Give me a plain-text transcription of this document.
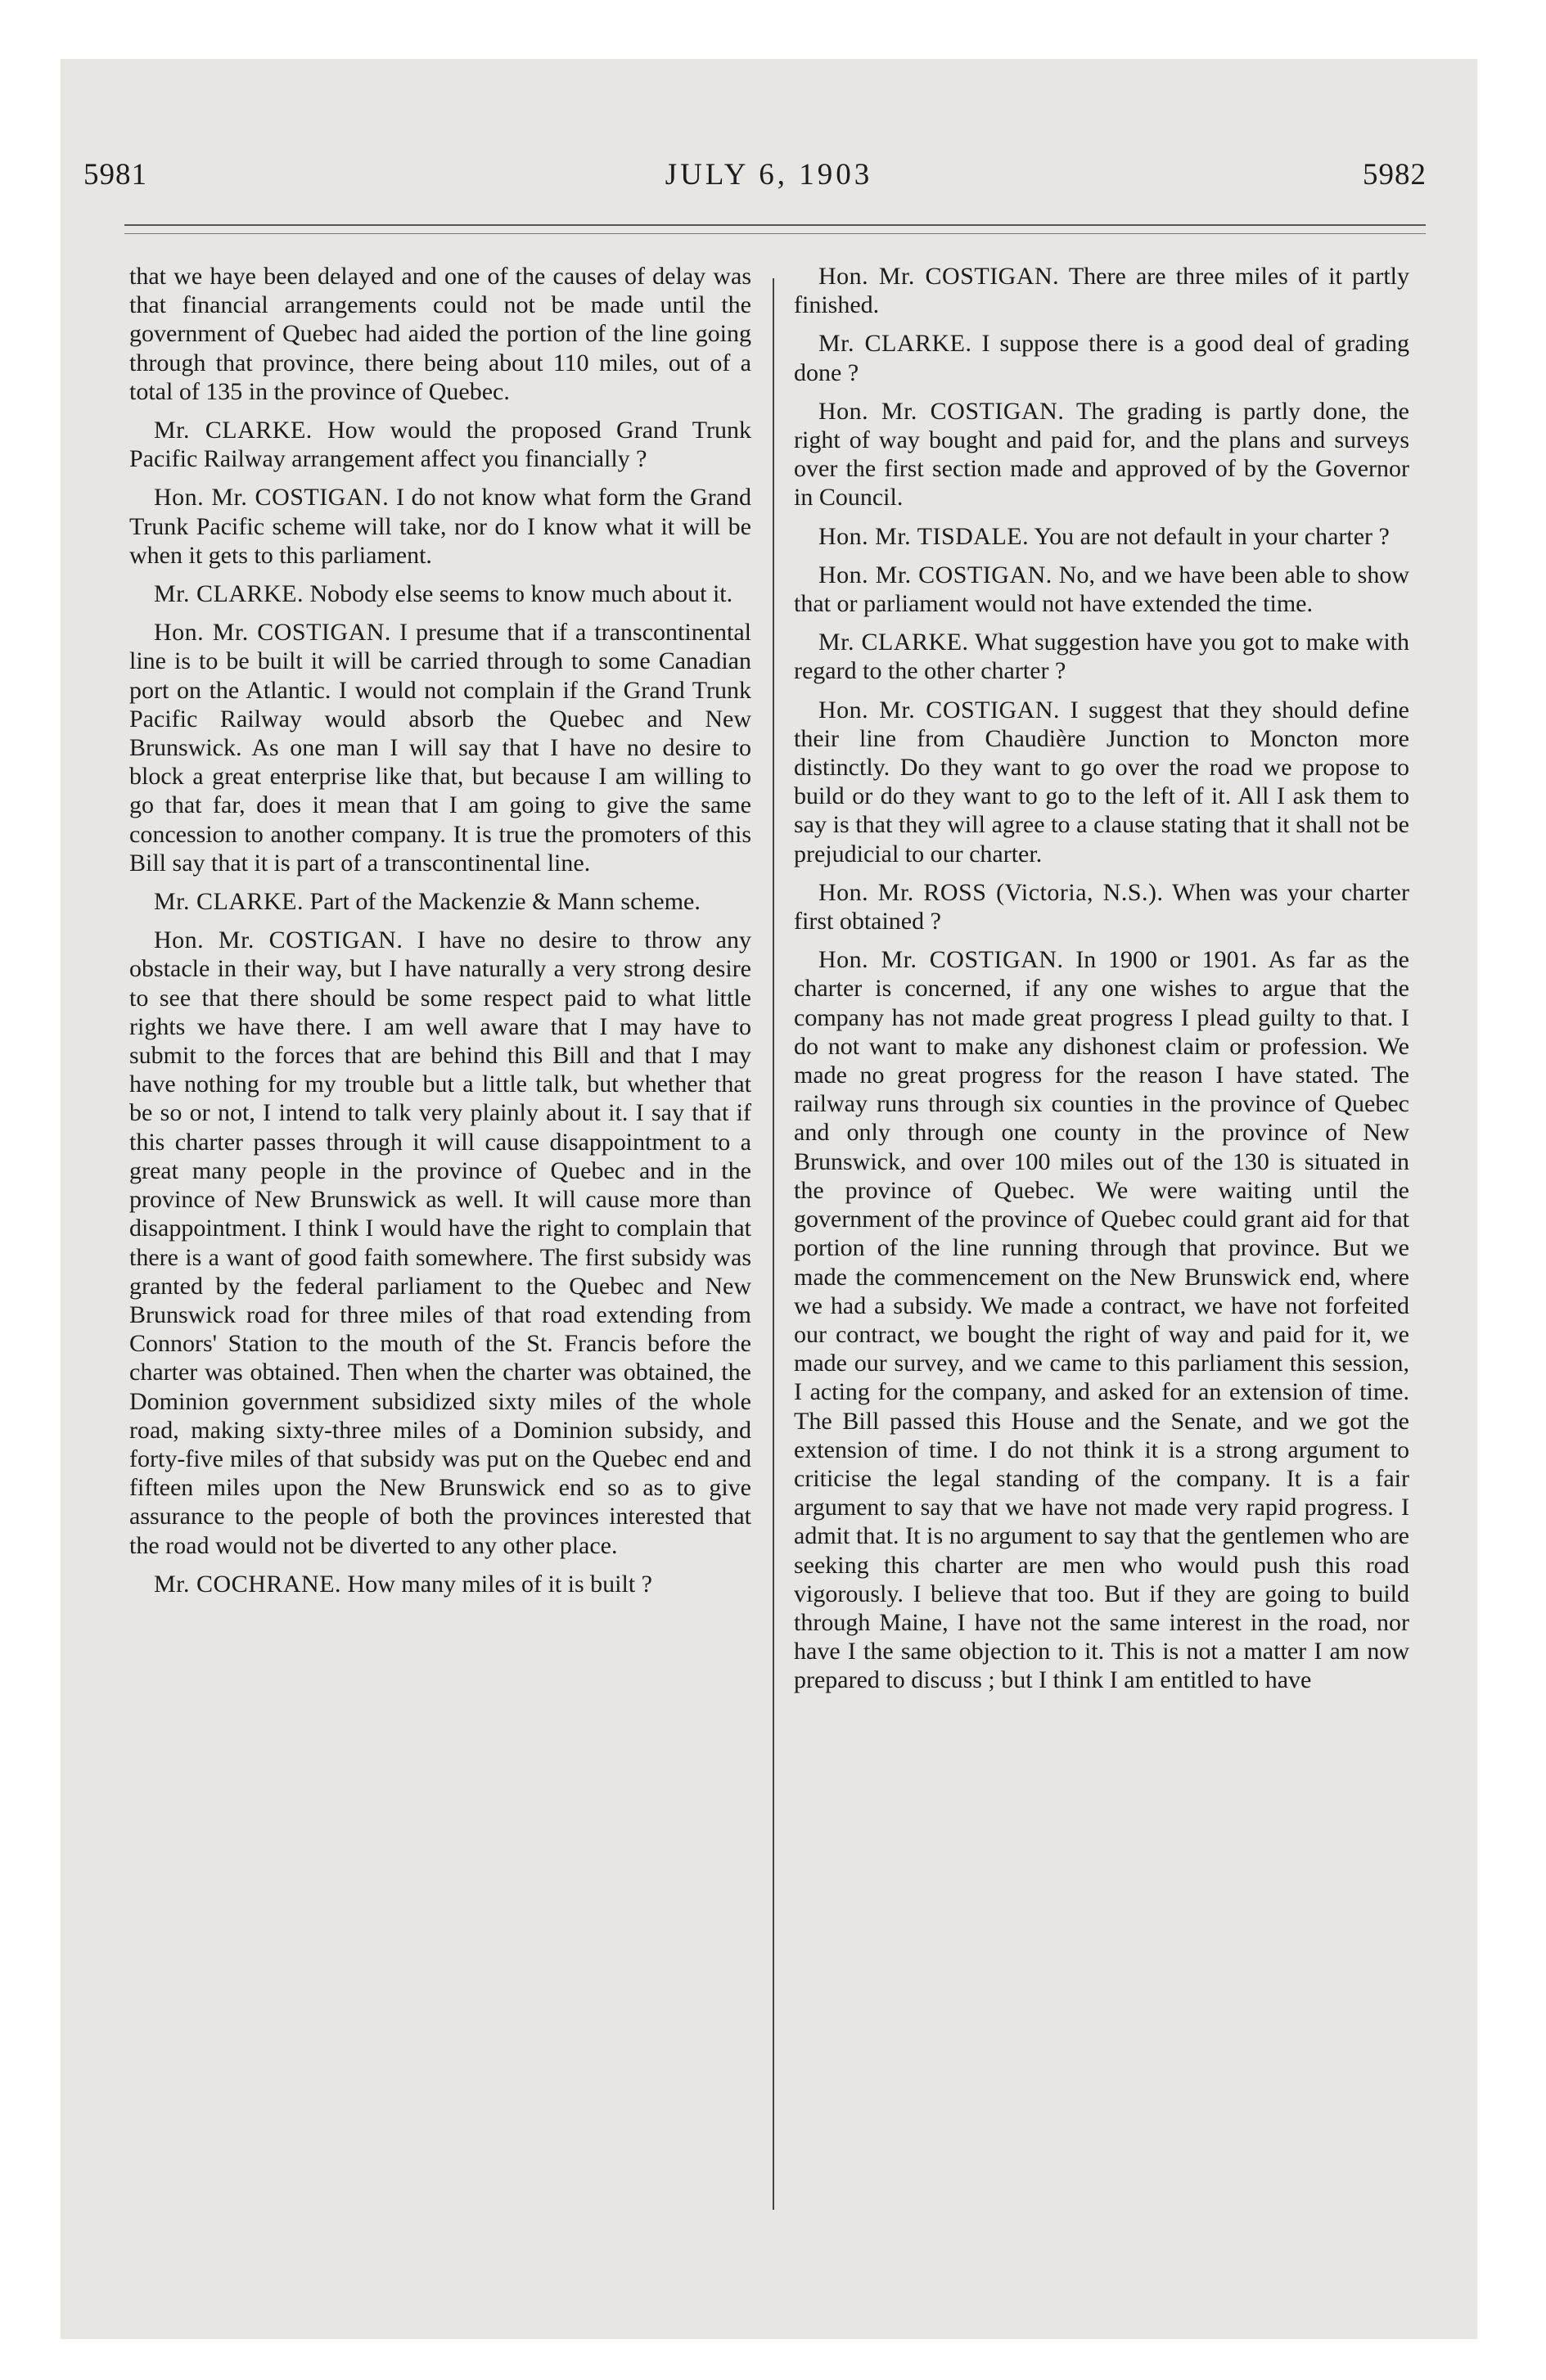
5981	JULY 6, 1903	5982

that we haye been delayed and one of the causes of delay was that financial arrangements could not be made until the government of Quebec had aided the portion of the line going through that province, there being about 110 miles, out of a total of 135 in the province of Quebec.

Mr. CLARKE. How would the proposed Grand Trunk Pacific Railway arrangement affect you financially ?

Hon. Mr. COSTIGAN. I do not know what form the Grand Trunk Pacific scheme will take, nor do I know what it will be when it gets to this parliament.

Mr. CLARKE. Nobody else seems to know much about it.

Hon. Mr. COSTIGAN. I presume that if a transcontinental line is to be built it will be carried through to some Canadian port on the Atlantic. I would not complain if the Grand Trunk Pacific Railway would absorb the Quebec and New Brunswick. As one man I will say that I have no desire to block a great enterprise like that, but because I am willing to go that far, does it mean that I am going to give the same concession to another company. It is true the promoters of this Bill say that it is part of a transcontinental line.

Mr. CLARKE. Part of the Mackenzie & Mann scheme.

Hon. Mr. COSTIGAN. I have no desire to throw any obstacle in their way, but I have naturally a very strong desire to see that there should be some respect paid to what little rights we have there. I am well aware that I may have to submit to the forces that are behind this Bill and that I may have nothing for my trouble but a little talk, but whether that be so or not, I intend to talk very plainly about it. I say that if this charter passes through it will cause disappointment to a great many people in the province of Quebec and in the province of New Brunswick as well. It will cause more than disappointment. I think I would have the right to complain that there is a want of good faith somewhere. The first subsidy was granted by the federal parliament to the Quebec and New Brunswick road for three miles of that road extending from Connors' Station to the mouth of the St. Francis before the charter was obtained. Then when the charter was obtained, the Dominion government subsidized sixty miles of the whole road, making sixty-three miles of a Dominion subsidy, and forty-five miles of that subsidy was put on the Quebec end and fifteen miles upon the New Brunswick end so as to give assurance to the people of both the provinces interested that the road would not be diverted to any other place.

Mr. COCHRANE. How many miles of it is built ?

Hon. Mr. COSTIGAN. There are three miles of it partly finished.

Mr. CLARKE. I suppose there is a good deal of grading done ?

Hon. Mr. COSTIGAN. The grading is partly done, the right of way bought and paid for, and the plans and surveys over the first section made and approved of by the Governor in Council.

Hon. Mr. TISDALE. You are not default in your charter ?

Hon. Mr. COSTIGAN. No, and we have been able to show that or parliament would not have extended the time.

Mr. CLARKE. What suggestion have you got to make with regard to the other charter ?

Hon. Mr. COSTIGAN. I suggest that they should define their line from Chaudière Junction to Moncton more distinctly. Do they want to go over the road we propose to build or do they want to go to the left of it. All I ask them to say is that they will agree to a clause stating that it shall not be prejudicial to our charter.

Hon. Mr. ROSS (Victoria, N.S.). When was your charter first obtained ?

Hon. Mr. COSTIGAN. In 1900 or 1901. As far as the charter is concerned, if any one wishes to argue that the company has not made great progress I plead guilty to that. I do not want to make any dishonest claim or profession. We made no great progress for the reason I have stated. The railway runs through six counties in the province of Quebec and only through one county in the province of New Brunswick, and over 100 miles out of the 130 is situated in the province of Quebec. We were waiting until the government of the province of Quebec could grant aid for that portion of the line running through that province. But we made the commencement on the New Brunswick end, where we had a subsidy. We made a contract, we have not forfeited our contract, we bought the right of way and paid for it, we made our survey, and we came to this parliament this session, I acting for the company, and asked for an extension of time. The Bill passed this House and the Senate, and we got the extension of time. I do not think it is a strong argument to criticise the legal standing of the company. It is a fair argument to say that we have not made very rapid progress. I admit that. It is no argument to say that the gentlemen who are seeking this charter are men who would push this road vigorously. I believe that too. But if they are going to build through Maine, I have not the same interest in the road, nor have I the same objection to it. This is not a matter I am now prepared to discuss ; but I think I am entitled to have
